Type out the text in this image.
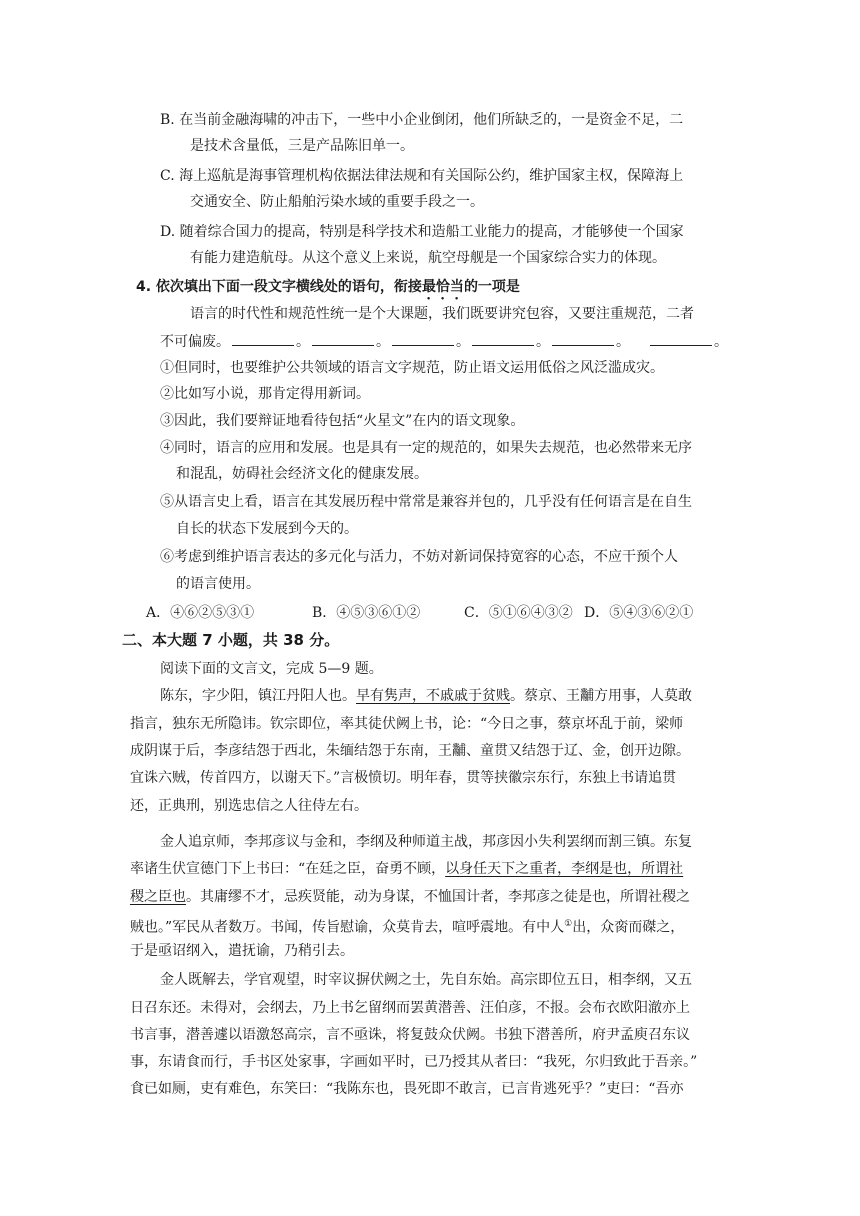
B. 在当前金融海啸的冲击下，一些中小企业倒闭，他们所缺乏的，一是资金不足，二
是技术含量低，三是产品陈旧单一。
C. 海上巡航是海事管理机构依据法律法规和有关国际公约，维护国家主权，保障海上
交通安全、防止船舶污染水域的重要手段之一。
D. 随着综合国力的提高，特别是科学技术和造船工业能力的提高，才能够使一个国家
有能力建造航母。从这个意义上来说，航空母舰是一个国家综合实力的体现。
4. 依次填出下面一段文字横线处的语句，衔接最恰当的一项是
语言的时代性和规范性统一是个大课题，我们既要讲究包容，又要注重规范，二者
不可偏废。	。	。	。	。	。	。
①但同时，也要维护公共领域的语言文字规范，防止语文运用低俗之风泛滥成灾。
②比如写小说，那肯定得用新词。
③因此，我们要辩证地看待包括“火星文”在内的语文现象。
④同时，语言的应用和发展。也是具有一定的规范的，如果失去规范，也必然带来无序
和混乱，妨碍社会经济文化的健康发展。
⑤从语言史上看，语言在其发展历程中常常是兼容并包的，几乎没有任何语言是在自生
自长的状态下发展到今天的。
⑥考虑到维护语言表达的多元化与活力，不妨对新词保持宽容的心态，不应干预个人
的语言使用。
A．④⑥②⑤③①	B．④⑤③⑥①②	C．⑤①⑥④③② D．⑤④③⑥②①
二、本大题 7 小题，共 38 分。
阅读下面的文言文，完成 5—9 题。
陈东，字少阳，镇江丹阳人也。早有隽声，不戚戚于贫贱。蔡京、王黼方用事，人莫敢
指言，独东无所隐讳。钦宗即位，率其徒伏阙上书，论：“今日之事，蔡京坏乱于前，梁师
成阴谋于后，李彦结怨于西北，朱缅结怨于东南，王黼、童贯又结怨于辽、金，创开边隙。
宜诛六贼，传首四方，以谢天下。”言极愤切。明年春，贯等挟徽宗东行，东独上书请追贯
还，正典刑，别选忠信之人往侍左右。
金人追京师，李邦彦议与金和，李纲及种师道主战，邦彦因小失利罢纲而割三镇。东复
率诸生伏宣德门下上书曰：“在廷之臣，奋勇不顾，以身任天下之重者，李纲是也，所谓社
稷之臣也。其庸缪不才，忌疾贤能，动为身谋，不恤国计者，李邦彦之徒是也，所谓社稷之
贼也。”军民从者数万。书闻，传旨慰谕，众莫肯去，喧呼震地。有中人①出，众脔而磔之，
于是亟诏纲入，遣抚谕，乃稍引去。
金人既解去，学官观望，时宰议摒伏阙之士，先自东始。高宗即位五日，相李纲，又五
日召东还。未得对，会纲去，乃上书乞留纲而罢黄潜善、汪伯彦，不报。会布衣欧阳澈亦上
书言事，潜善遽以语激怒高宗，言不亟诛，将复鼓众伏阙。书独下潜善所，府尹孟庾召东议
事，东请食而行，手书区处家事，字画如平时，已乃授其从者曰：“我死，尔归致此于吾亲。”
食已如厕，吏有难色，东笑曰：“我陈东也，畏死即不敢言，已言肯逃死乎？”吏曰：“吾亦
